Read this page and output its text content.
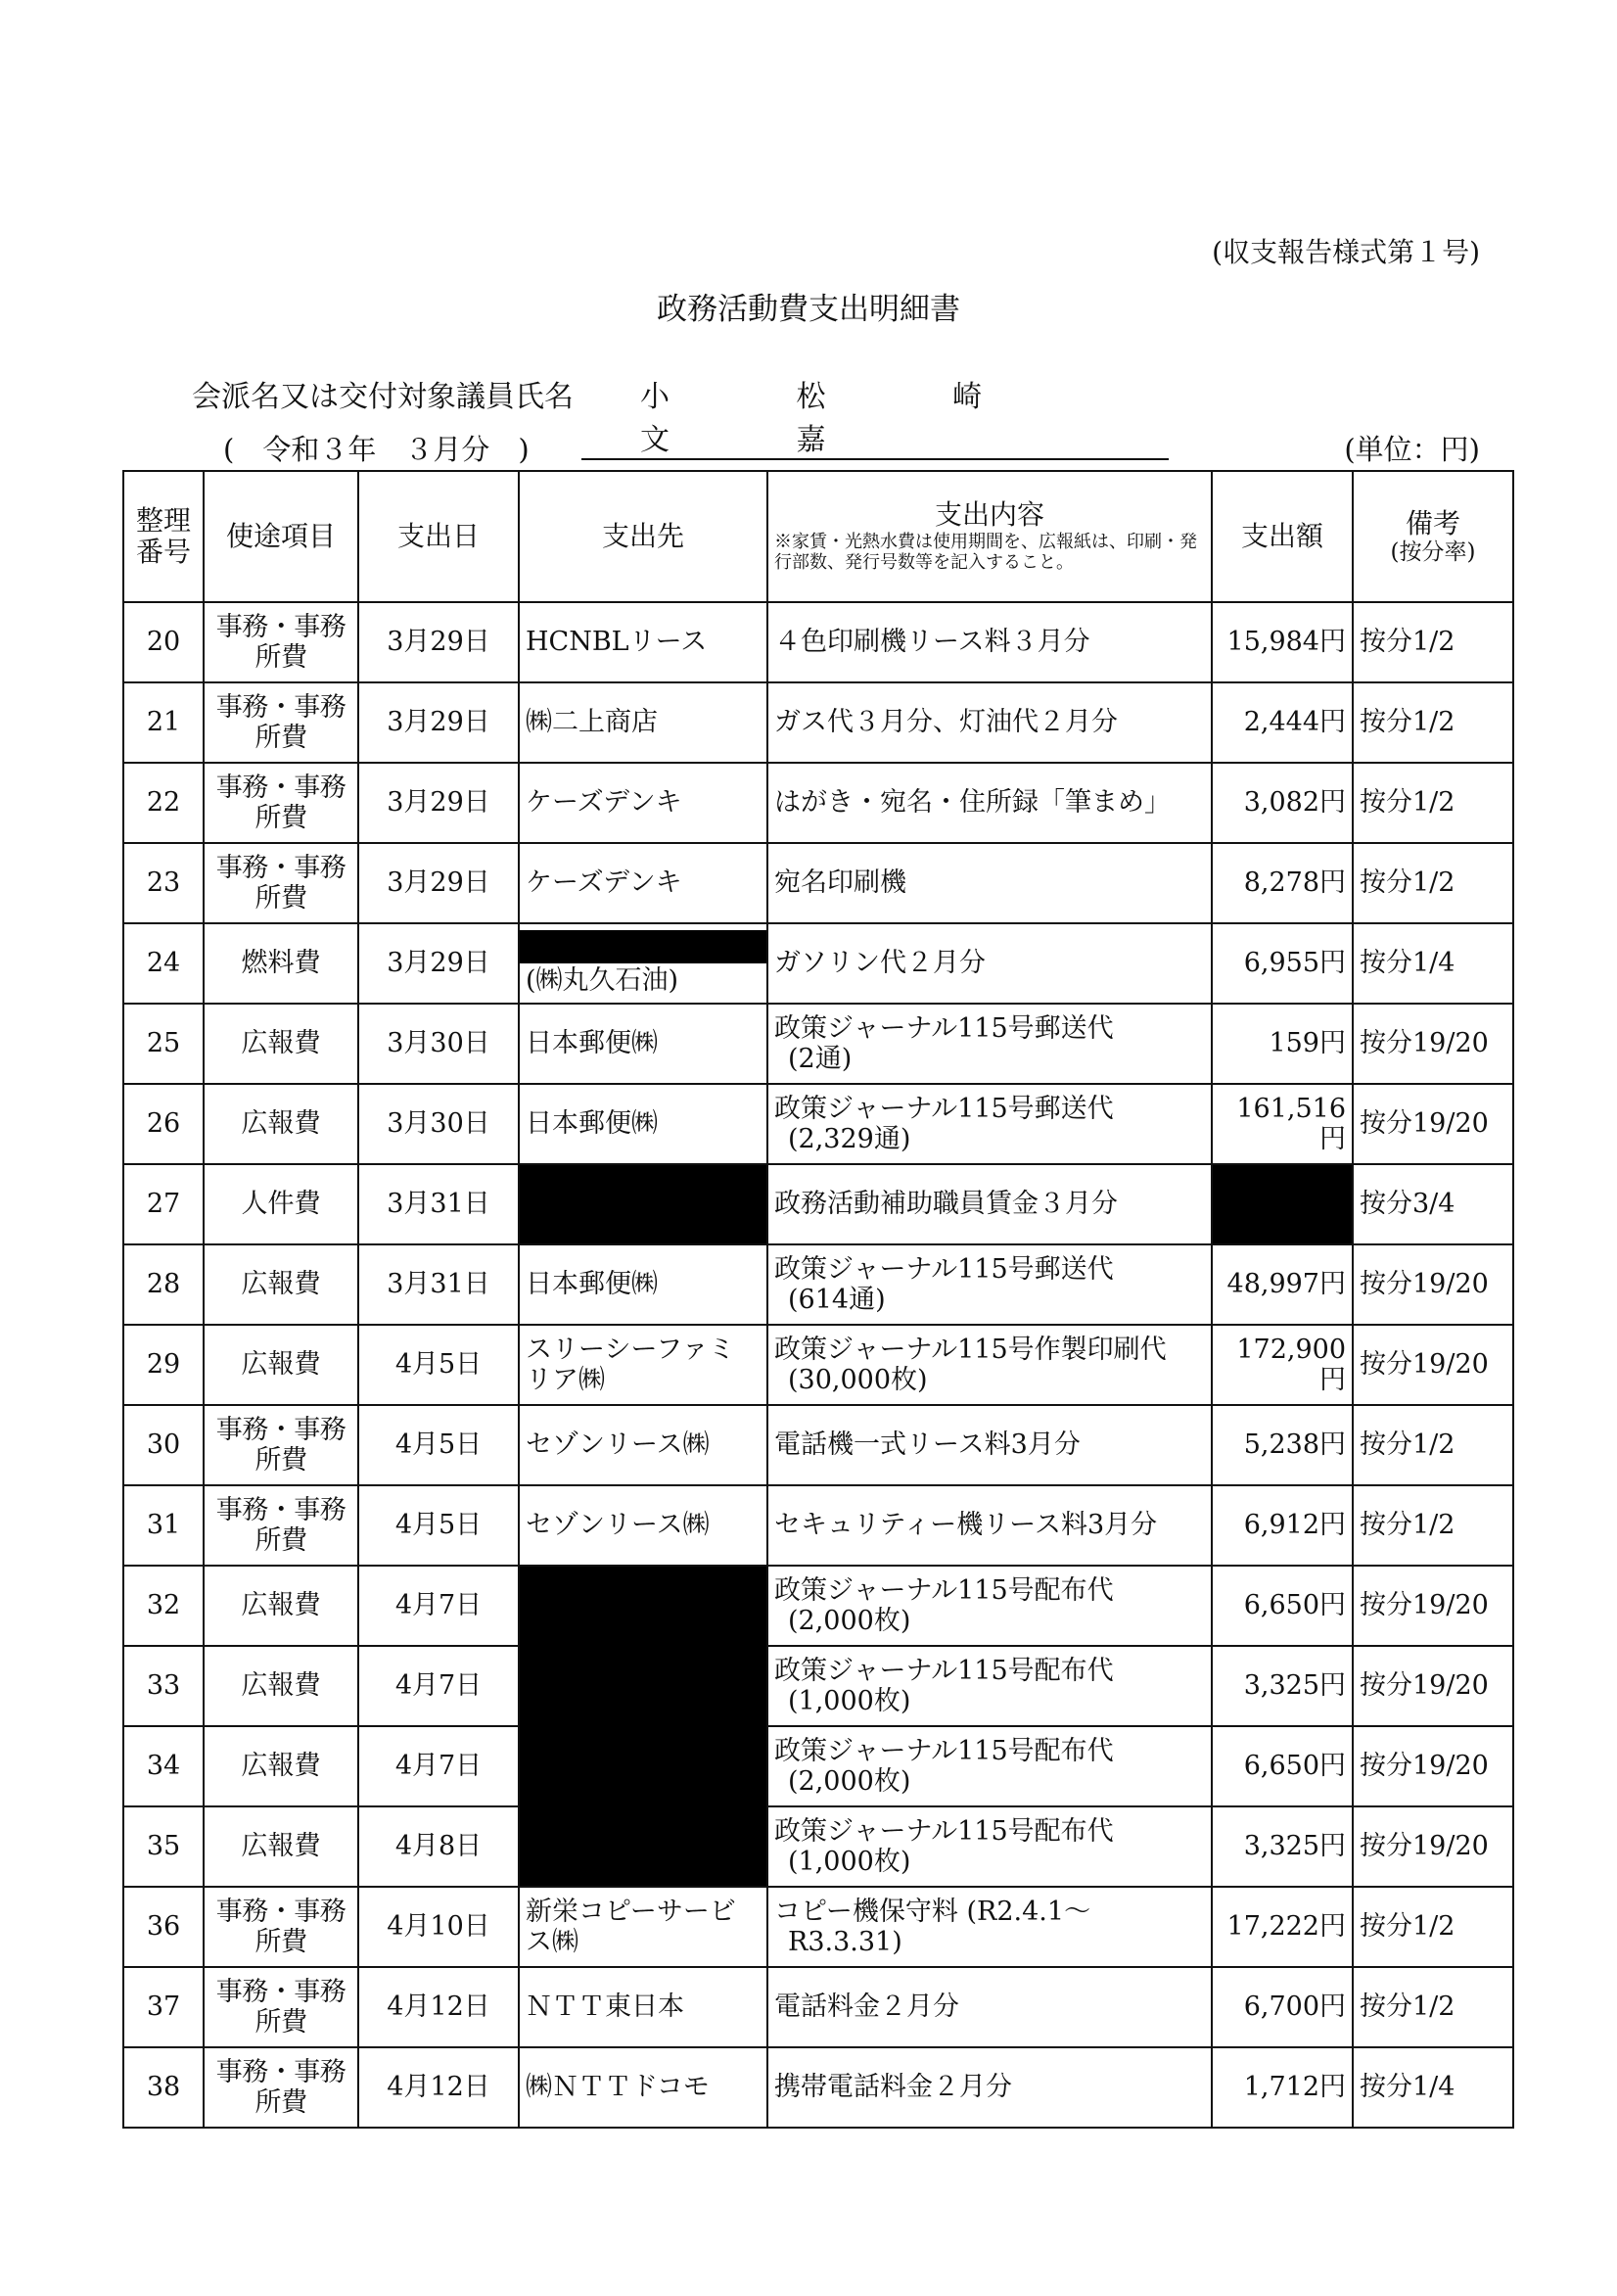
(収支報告様式第１号)
政務活動費支出明細書
会派名又は交付対象議員氏名	小 松 崎 文 嘉
(　令和３年　３月分　)	(単位：円)
整理番号	使途項目	支出日	支出先	支出内容
※家賃・光熱水費は使用期間を、広報紙は、印刷・発行部数、発行号数等を記入すること。	支出額	備考
(按分率)

20	事務・事務所費	3月29日	HCNBLリース	４色印刷機リース料３月分	15,984円	按分1/2
21	事務・事務所費	3月29日	㈱二上商店	ガス代３月分、灯油代２月分	2,444円	按分1/2
22	事務・事務所費	3月29日	ケーズデンキ	はがき・宛名・住所録「筆まめ」	3,082円	按分1/2
23	事務・事務所費	3月29日	ケーズデンキ	宛名印刷機	8,278円	按分1/2
24	燃料費	3月29日	(㈱丸久石油)	ガソリン代２月分	6,955円	按分1/4
25	広報費	3月30日	日本郵便㈱	政策ジャーナル115号郵送代
(2通)	159円	按分19/20
26	広報費	3月30日	日本郵便㈱	政策ジャーナル115号郵送代
(2,329通)	161,516円	按分19/20
27	人件費	3月31日		政務活動補助職員賃金３月分		按分3/4
28	広報費	3月31日	日本郵便㈱	政策ジャーナル115号郵送代
(614通)	48,997円	按分19/20
29	広報費	4月5日	スリーシーファミリア㈱	政策ジャーナル115号作製印刷代
(30,000枚)	172,900円	按分19/20
30	事務・事務所費	4月5日	セゾンリース㈱	電話機一式リース料3月分	5,238円	按分1/2
31	事務・事務所費	4月5日	セゾンリース㈱	セキュリティー機リース料3月分	6,912円	按分1/2
32	広報費	4月7日		政策ジャーナル115号配布代
(2,000枚)	6,650円	按分19/20
33	広報費	4月7日		政策ジャーナル115号配布代
(1,000枚)	3,325円	按分19/20
34	広報費	4月7日		政策ジャーナル115号配布代
(2,000枚)	6,650円	按分19/20
35	広報費	4月8日		政策ジャーナル115号配布代
(1,000枚)	3,325円	按分19/20
36	事務・事務所費	4月10日	新栄コピーサービス㈱	コピー機保守料 (R2.4.1～
R3.3.31)	17,222円	按分1/2
37	事務・事務所費	4月12日	ＮＴＴ東日本	電話料金２月分	6,700円	按分1/2
38	事務・事務所費	4月12日	㈱ＮＴＴドコモ	携帯電話料金２月分	1,712円	按分1/4
